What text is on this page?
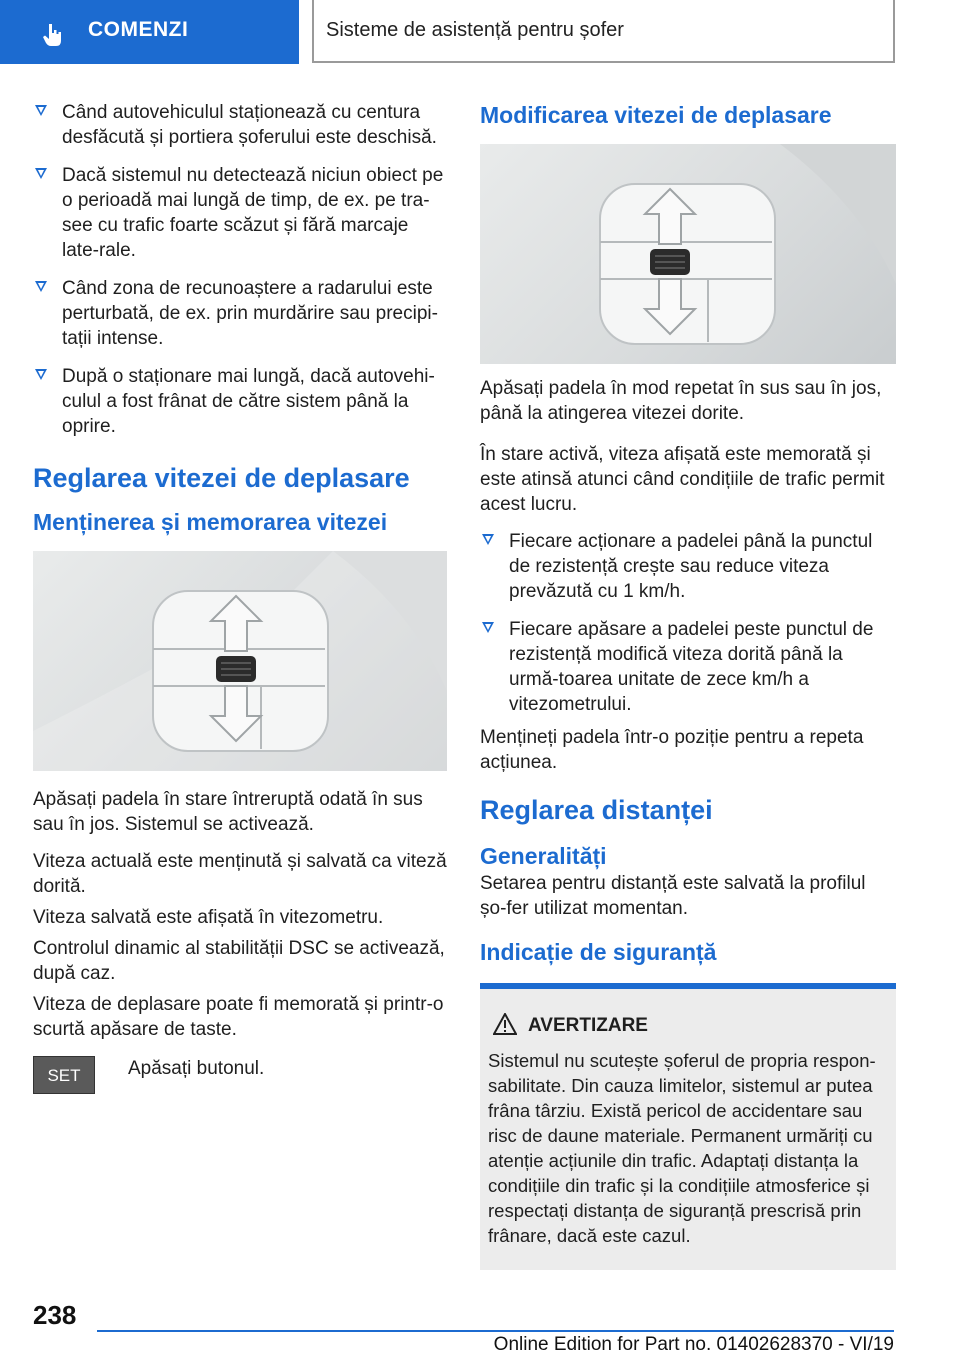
COMENZI	Sisteme de asistență pentru șofer
Când autovehiculul staționează cu centura desfăcută și portiera șoferului este deschisă.
Dacă sistemul nu detectează niciun obiect pe o perioadă mai lungă de timp, de ex. pe tra-see cu trafic foarte scăzut și fără marcaje late-rale.
Când zona de recunoaștere a radarului este perturbată, de ex. prin murdărire sau precipi-tații intense.
După o staționare mai lungă, dacă autovehi-culul a fost frânat de către sistem până la oprire.
Reglarea vitezei de deplasare
Menținerea și memorarea vitezei
Apăsați padela în stare întreruptă odată în sus sau în jos. Sistemul se activează.
Viteza actuală este menținută și salvată ca viteză dorită.
Viteza salvată este afișată în vitezometru.
Controlul dinamic al stabilității DSC se activează, după caz.
Viteza de deplasare poate fi memorată și printr-o scurtă apăsare de taste.
SET	Apăsați butonul.
Modificarea vitezei de deplasare
Apăsați padela în mod repetat în sus sau în jos, până la atingerea vitezei dorite.
În stare activă, viteza afișată este memorată și este atinsă atunci când condițiile de trafic permit acest lucru.
Fiecare acționare a padelei până la punctul de rezistență crește sau reduce viteza prevăzută cu 1 km/h.
Fiecare apăsare a padelei peste punctul de rezistență modifică viteza dorită până la urmă-toarea unitate de zece km/h a vitezometrului.
Mențineți padela într-o poziție pentru a repeta acțiunea.
Reglarea distanței
Generalități
Setarea pentru distanță este salvată la profilul șo-fer utilizat momentan.
Indicație de siguranță
AVERTIZARE
Sistemul nu scutește șoferul de propria respon-sabilitate. Din cauza limitelor, sistemul ar putea frâna târziu. Există pericol de accidentare sau risc de daune materiale. Permanent urmăriți cu atenție acțiunile din trafic. Adaptați distanța la condițiile din trafic și la condițiile atmosferice și respectați distanța de siguranță prescrisă prin frânare, dacă este cazul.
238
Online Edition for Part no. 01402628370 - VI/19
